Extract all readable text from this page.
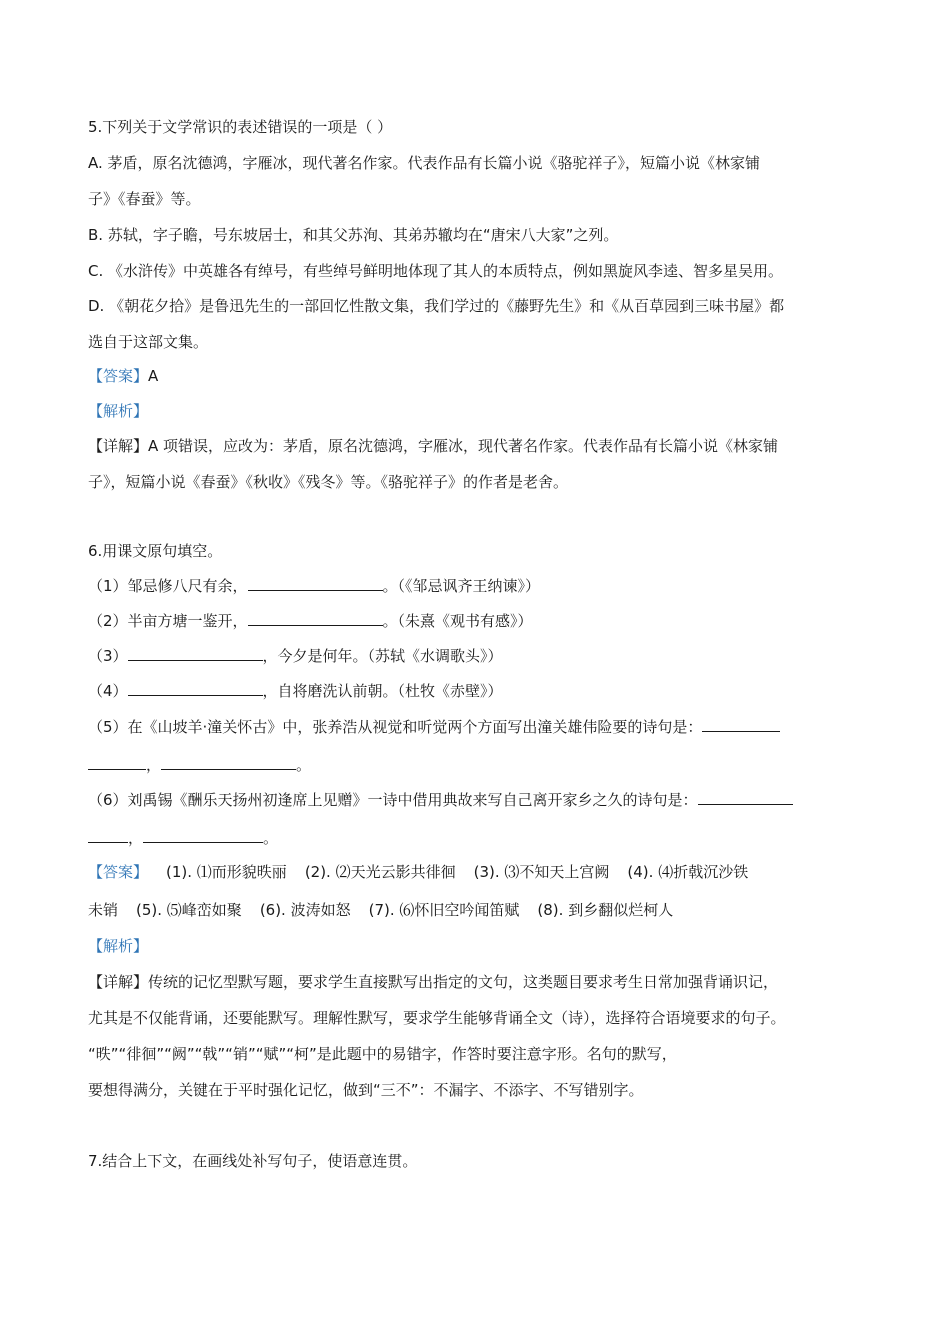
5.下列关于文学常识的表述错误的一项是（ ）
A. 茅盾，原名沈德鸿，字雁冰，现代著名作家。代表作品有长篇小说《骆驼祥子》，短篇小说《林家铺
子》《春蚕》等。
B. 苏轼，字子瞻，号东坡居士，和其父苏洵、其弟苏辙均在“唐宋八大家”之列。
C. 《水浒传》中英雄各有绰号，有些绰号鲜明地体现了其人的本质特点，例如黑旋风李逵、智多星吴用。
D. 《朝花夕拾》是鲁迅先生的一部回忆性散文集，我们学过的《藤野先生》和《从百草园到三味书屋》都
选自于这部文集。
【答案】A
【解析】
【详解】A 项错误，应改为：茅盾，原名沈德鸿，字雁冰，现代著名作家。代表作品有长篇小说《林家铺
子》，短篇小说《春蚕》《秋收》《残冬》等。《骆驼祥子》的作者是老舍。
6.用课文原句填空。
（1）邹忌修八尺有余，	。（《邹忌讽齐王纳谏》）
（2）半亩方塘一鉴开，	。（朱熹《观书有感》）
（3）	，今夕是何年。（苏轼《水调歌头》）
（4）	，自将磨洗认前朝。（杜牧《赤壁》）
（5）在《山坡羊·潼关怀古》中，张养浩从视觉和听觉两个方面写出潼关雄伟险要的诗句是：
，	。
（6）刘禹锡《酬乐天扬州初逢席上见赠》一诗中借用典故来写自己离开家乡之久的诗句是：
，	。
【答案】 (1). ⑴而形貌昳丽 (2). ⑵天光云影共徘徊 (3). ⑶不知天上宫阙 (4). ⑷折戟沉沙铁
未销 (5). ⑸峰峦如聚 (6). 波涛如怒 (7). ⑹怀旧空吟闻笛赋 (8). 到乡翻似烂柯人
【解析】
【详解】传统的记忆型默写题，要求学生直接默写出指定的文句，这类题目要求考生日常加强背诵识记，
尤其是不仅能背诵，还要能默写。理解性默写，要求学生能够背诵全文（诗），选择符合语境要求的句子。
“昳”“徘徊”“阙”“戟”“销”“赋”“柯”是此题中的易错字，作答时要注意字形。名句的默写，
要想得满分，关键在于平时强化记忆，做到“三不”：不漏字、不添字、不写错别字。
7.结合上下文，在画线处补写句子，使语意连贯。
